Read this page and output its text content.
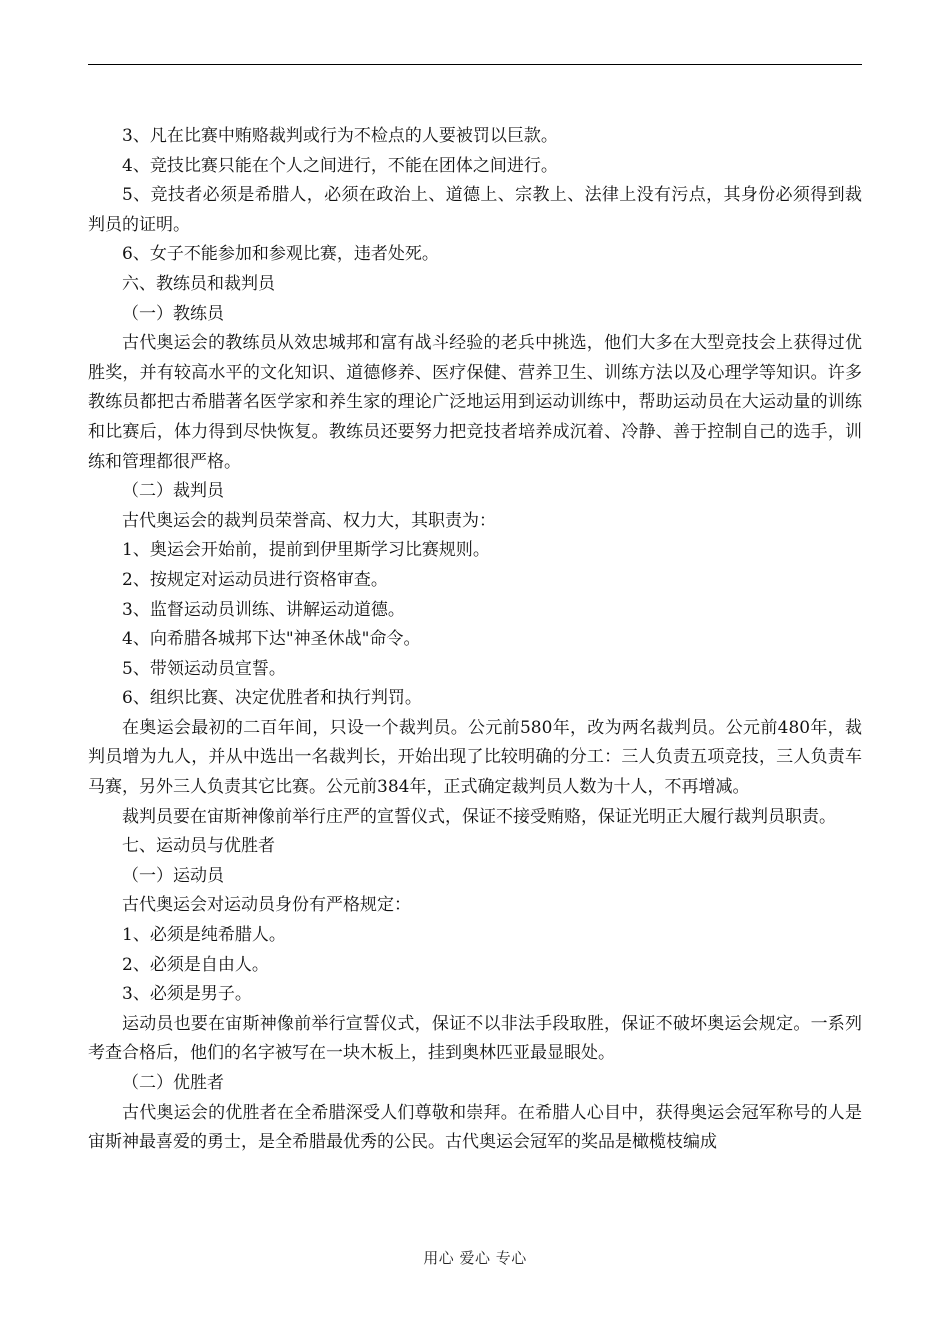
3、凡在比赛中贿赂裁判或行为不检点的人要被罚以巨款。

4、竞技比赛只能在个人之间进行，不能在团体之间进行。

5、竞技者必须是希腊人，必须在政治上、道德上、宗教上、法律上没有污点，其身份必须得到裁判员的证明。

6、女子不能参加和参观比赛，违者处死。

六、教练员和裁判员

（一）教练员

古代奥运会的教练员从效忠城邦和富有战斗经验的老兵中挑选，他们大多在大型竞技会上获得过优胜奖，并有较高水平的文化知识、道德修养、医疗保健、营养卫生、训练方法以及心理学等知识。许多教练员都把古希腊著名医学家和养生家的理论广泛地运用到运动训练中，帮助运动员在大运动量的训练和比赛后，体力得到尽快恢复。教练员还要努力把竞技者培养成沉着、冷静、善于控制自己的选手，训练和管理都很严格。

（二）裁判员

古代奥运会的裁判员荣誉高、权力大，其职责为：

1、奥运会开始前，提前到伊里斯学习比赛规则。

2、按规定对运动员进行资格审查。

3、监督运动员训练、讲解运动道德。

4、向希腊各城邦下达"神圣休战"命令。

5、带领运动员宣誓。

6、组织比赛、决定优胜者和执行判罚。

在奥运会最初的二百年间，只设一个裁判员。公元前580年，改为两名裁判员。公元前480年，裁判员增为九人，并从中选出一名裁判长，开始出现了比较明确的分工：三人负责五项竞技，三人负责车马赛，另外三人负责其它比赛。公元前384年，正式确定裁判员人数为十人，不再增减。

裁判员要在宙斯神像前举行庄严的宣誓仪式，保证不接受贿赂，保证光明正大履行裁判员职责。

七、运动员与优胜者

（一）运动员

古代奥运会对运动员身份有严格规定：

1、必须是纯希腊人。

2、必须是自由人。

3、必须是男子。

运动员也要在宙斯神像前举行宣誓仪式，保证不以非法手段取胜，保证不破坏奥运会规定。一系列考查合格后，他们的名字被写在一块木板上，挂到奥林匹亚最显眼处。

（二）优胜者

古代奥运会的优胜者在全希腊深受人们尊敬和崇拜。在希腊人心目中，获得奥运会冠军称号的人是宙斯神最喜爱的勇士，是全希腊最优秀的公民。古代奥运会冠军的奖品是橄榄枝编成

用心 爱心 专心
